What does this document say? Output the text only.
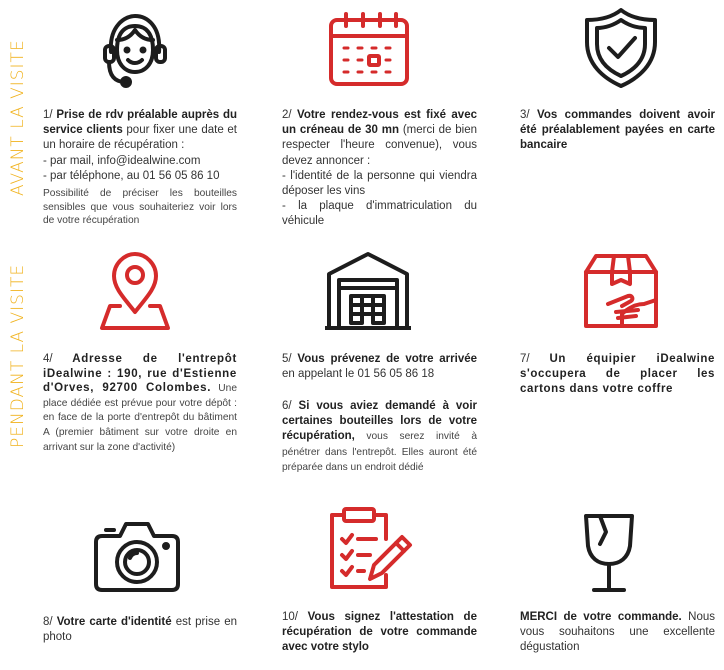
AVANT LA VISITE
PENDANT LA VISITE
1/ Prise de rdv préalable auprès du service clients pour fixer une date et un horaire de récupération :
- par mail, info@idealwine.com
- par téléphone, au 01 56 05 86 10
Possibilité de préciser les bouteilles sensibles que vous souhaiteriez voir lors de votre récupération
2/ Votre rendez-vous est fixé avec un créneau de 30 mn (merci de bien respecter l'heure convenue), vous devez annoncer :
- l'identité de la personne qui viendra déposer les vins
- la plaque d'immatriculation du véhicule
3/ Vos commandes doivent avoir été préalablement payées en carte bancaire
4/ Adresse de l'entrepôt iDealwine : 190, rue d'Estienne d'Orves, 92700 Colombes. Une place dédiée est prévue pour votre dépôt : en face de la porte d'entrepôt du bâtiment A (premier bâtiment sur votre droite en arrivant sur la zone d'activité)
5/ Vous prévenez de votre arrivée en appelant le 01 56 05 86 18
6/ Si vous aviez demandé à voir certaines bouteilles lors de votre récupération, vous serez invité à pénétrer dans l'entrepôt. Elles auront été préparée dans un endroit dédié
7/ Un équipier iDealwine s'occupera de placer les cartons dans votre coffre
8/ Votre carte d'identité est prise en photo
10/ Vous signez l'attestation de récupération de votre commande avec votre stylo
MERCI de votre commande. Nous vous souhaitons une excellente dégustation
